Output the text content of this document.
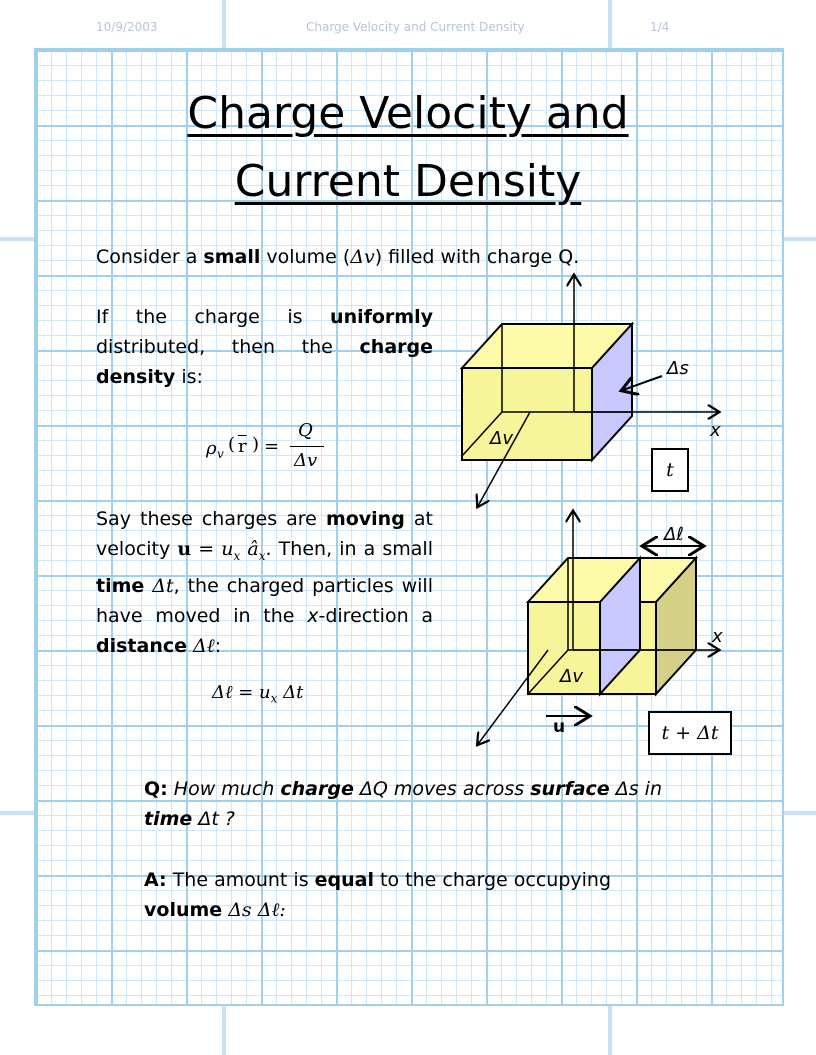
10/9/2003	Charge Velocity and Current Density	1/4
Charge Velocity and
Current Density
Consider a small volume (Δv) filled with charge Q.
If the charge is uniformly distributed, then the charge density is:
ρ v ( $\overline{r}$ ) =
Q
Δv
Say these charges are moving at velocity $u = u_x$ $â_x$. Then, in a small time Δt, the charged particles will have moved in the x-direction a distance Δℓ:
Δℓ = $u_x$ Δt
Δs
Δv	x
t
Δℓ
Δv
x
u	t + Δt
Q: How much charge ΔQ moves across surface Δs in
time Δt ?
A: The amount is equal to the charge occupying
volume Δs Δℓ:
